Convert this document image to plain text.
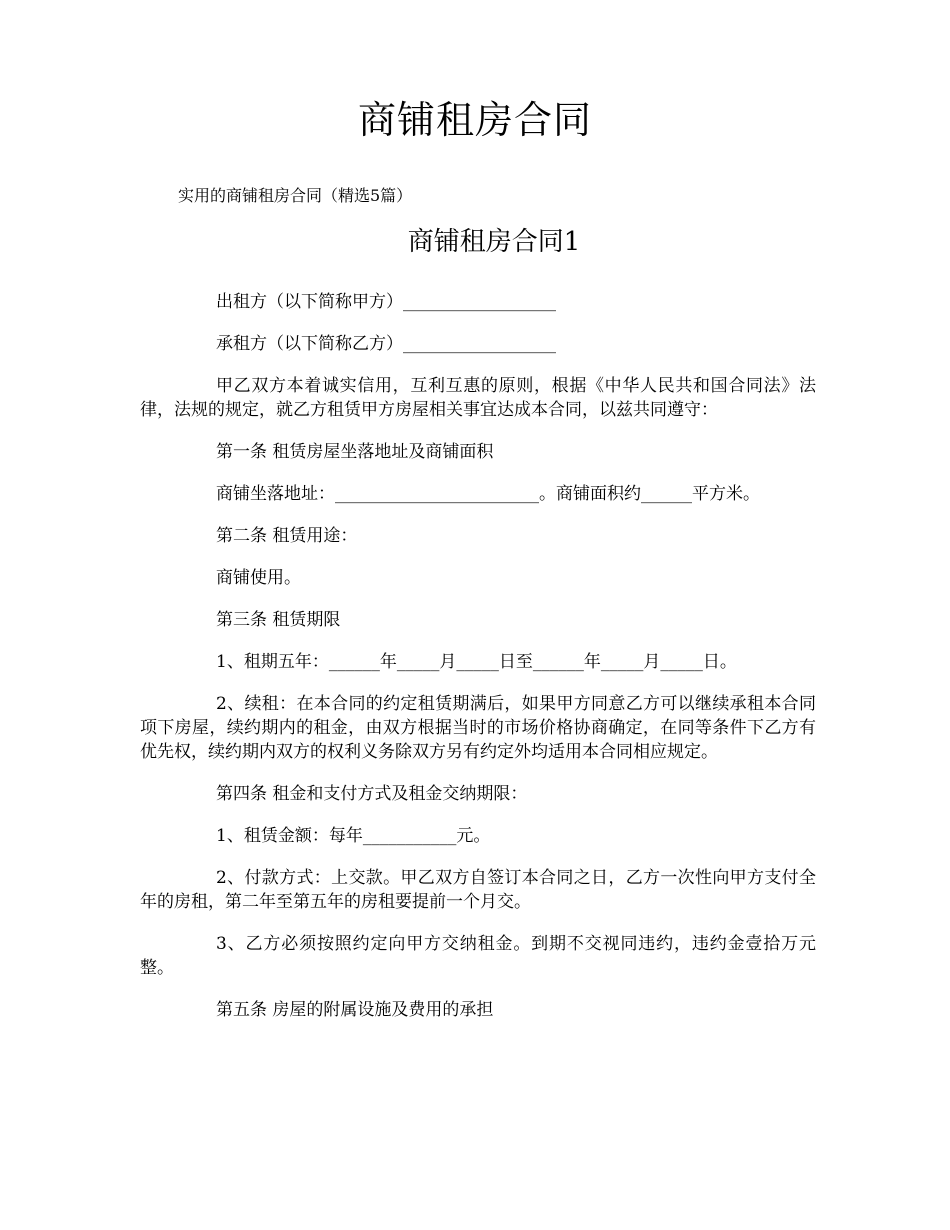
商铺租房合同

实用的商铺租房合同（精选5篇）

商铺租房合同1

出租方（以下简称甲方）__________________

承租方（以下简称乙方）__________________

甲乙双方本着诚实信用，互利互惠的原则，根据《中华人民共和国合同法》法律，法规的规定，就乙方租赁甲方房屋相关事宜达成本合同，以兹共同遵守：

第一条 租赁房屋坐落地址及商铺面积

商铺坐落地址：________________________。商铺面积约______平方米。

第二条 租赁用途：

商铺使用。

第三条 租赁期限

1、租期五年：______年_____月_____日至______年_____月_____日。

2、续租：在本合同的约定租赁期满后，如果甲方同意乙方可以继续承租本合同项下房屋，续约期内的租金，由双方根据当时的市场价格协商确定，在同等条件下乙方有优先权，续约期内双方的权利义务除双方另有约定外均适用本合同相应规定。

第四条 租金和支付方式及租金交纳期限：

1、租赁金额：每年___________元。

2、付款方式：上交款。甲乙双方自签订本合同之日，乙方一次性向甲方支付全年的房租，第二年至第五年的房租要提前一个月交。

3、乙方必须按照约定向甲方交纳租金。到期不交视同违约，违约金壹拾万元整。

第五条 房屋的附属设施及费用的承担
